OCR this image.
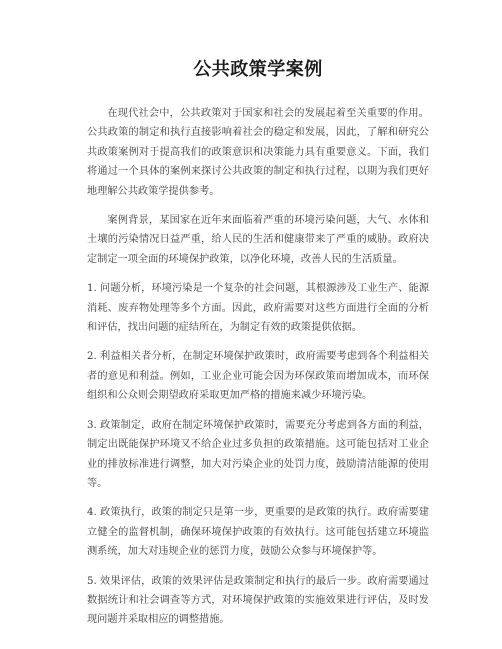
公共政策学案例

在现代社会中，公共政策对于国家和社会的发展起着至关重要的作用。公共政策的制定和执行直接影响着社会的稳定和发展，因此，了解和研究公共政策案例对于提高我们的政策意识和决策能力具有重要意义。下面，我们将通过一个具体的案例来探讨公共政策的制定和执行过程，以期为我们更好地理解公共政策学提供参考。

案例背景，某国家在近年来面临着严重的环境污染问题，大气、水体和土壤的污染情况日益严重，给人民的生活和健康带来了严重的威胁。政府决定制定一项全面的环境保护政策，以净化环境，改善人民的生活质量。

1. 问题分析，环境污染是一个复杂的社会问题，其根源涉及工业生产、能源消耗、废弃物处理等多个方面。因此，政府需要对这些方面进行全面的分析和评估，找出问题的症结所在，为制定有效的政策提供依据。

2. 利益相关者分析，在制定环境保护政策时，政府需要考虑到各个利益相关者的意见和利益。例如，工业企业可能会因为环保政策而增加成本，而环保组织和公众则会期望政府采取更加严格的措施来减少环境污染。

3. 政策制定，政府在制定环境保护政策时，需要充分考虑到各方面的利益，制定出既能保护环境又不给企业过多负担的政策措施。这可能包括对工业企业的排放标准进行调整，加大对污染企业的处罚力度，鼓励清洁能源的使用等。

4. 政策执行，政策的制定只是第一步，更重要的是政策的执行。政府需要建立健全的监督机制，确保环境保护政策的有效执行。这可能包括建立环境监测系统，加大对违规企业的惩罚力度，鼓励公众参与环境保护等。

5. 效果评估，政策的效果评估是政策制定和执行的最后一步。政府需要通过数据统计和社会调查等方式，对环境保护政策的实施效果进行评估，及时发现问题并采取相应的调整措施。
